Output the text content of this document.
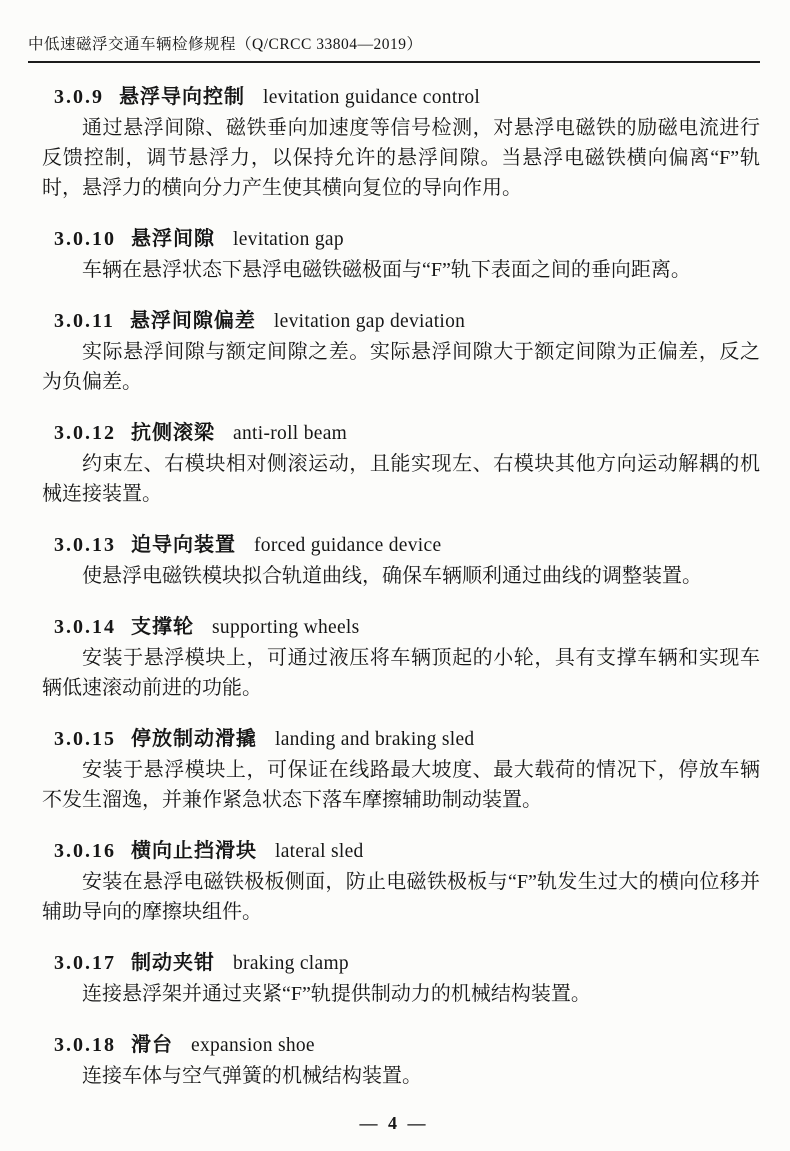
中低速磁浮交通车辆检修规程（Q/CRCC 33804—2019）
3.0.9 悬浮导向控制 levitation guidance control

通过悬浮间隙、磁铁垂向加速度等信号检测，对悬浮电磁铁的励磁电流进行反馈控制，调节悬浮力，以保持允许的悬浮间隙。当悬浮电磁铁横向偏离“F”轨时，悬浮力的横向分力产生使其横向复位的导向作用。

3.0.10 悬浮间隙 levitation gap

车辆在悬浮状态下悬浮电磁铁磁极面与“F”轨下表面之间的垂向距离。

3.0.11 悬浮间隙偏差 levitation gap deviation

实际悬浮间隙与额定间隙之差。实际悬浮间隙大于额定间隙为正偏差，反之为负偏差。

3.0.12 抗侧滚梁 anti-roll beam

约束左、右模块相对侧滚运动，且能实现左、右模块其他方向运动解耦的机械连接装置。

3.0.13 迫导向装置 forced guidance device

使悬浮电磁铁模块拟合轨道曲线，确保车辆顺利通过曲线的调整装置。

3.0.14 支撑轮 supporting wheels

安装于悬浮模块上，可通过液压将车辆顶起的小轮，具有支撑车辆和实现车辆低速滚动前进的功能。

3.0.15 停放制动滑撬 landing and braking sled

安装于悬浮模块上，可保证在线路最大坡度、最大载荷的情况下，停放车辆不发生溜逸，并兼作紧急状态下落车摩擦辅助制动装置。

3.0.16 横向止挡滑块 lateral sled

安装在悬浮电磁铁极板侧面，防止电磁铁极板与“F”轨发生过大的横向位移并辅助导向的摩擦块组件。

3.0.17 制动夹钳 braking clamp

连接悬浮架并通过夹紧“F”轨提供制动力的机械结构装置。

3.0.18 滑台 expansion shoe

连接车体与空气弹簧的机械结构装置。

— 4 —
